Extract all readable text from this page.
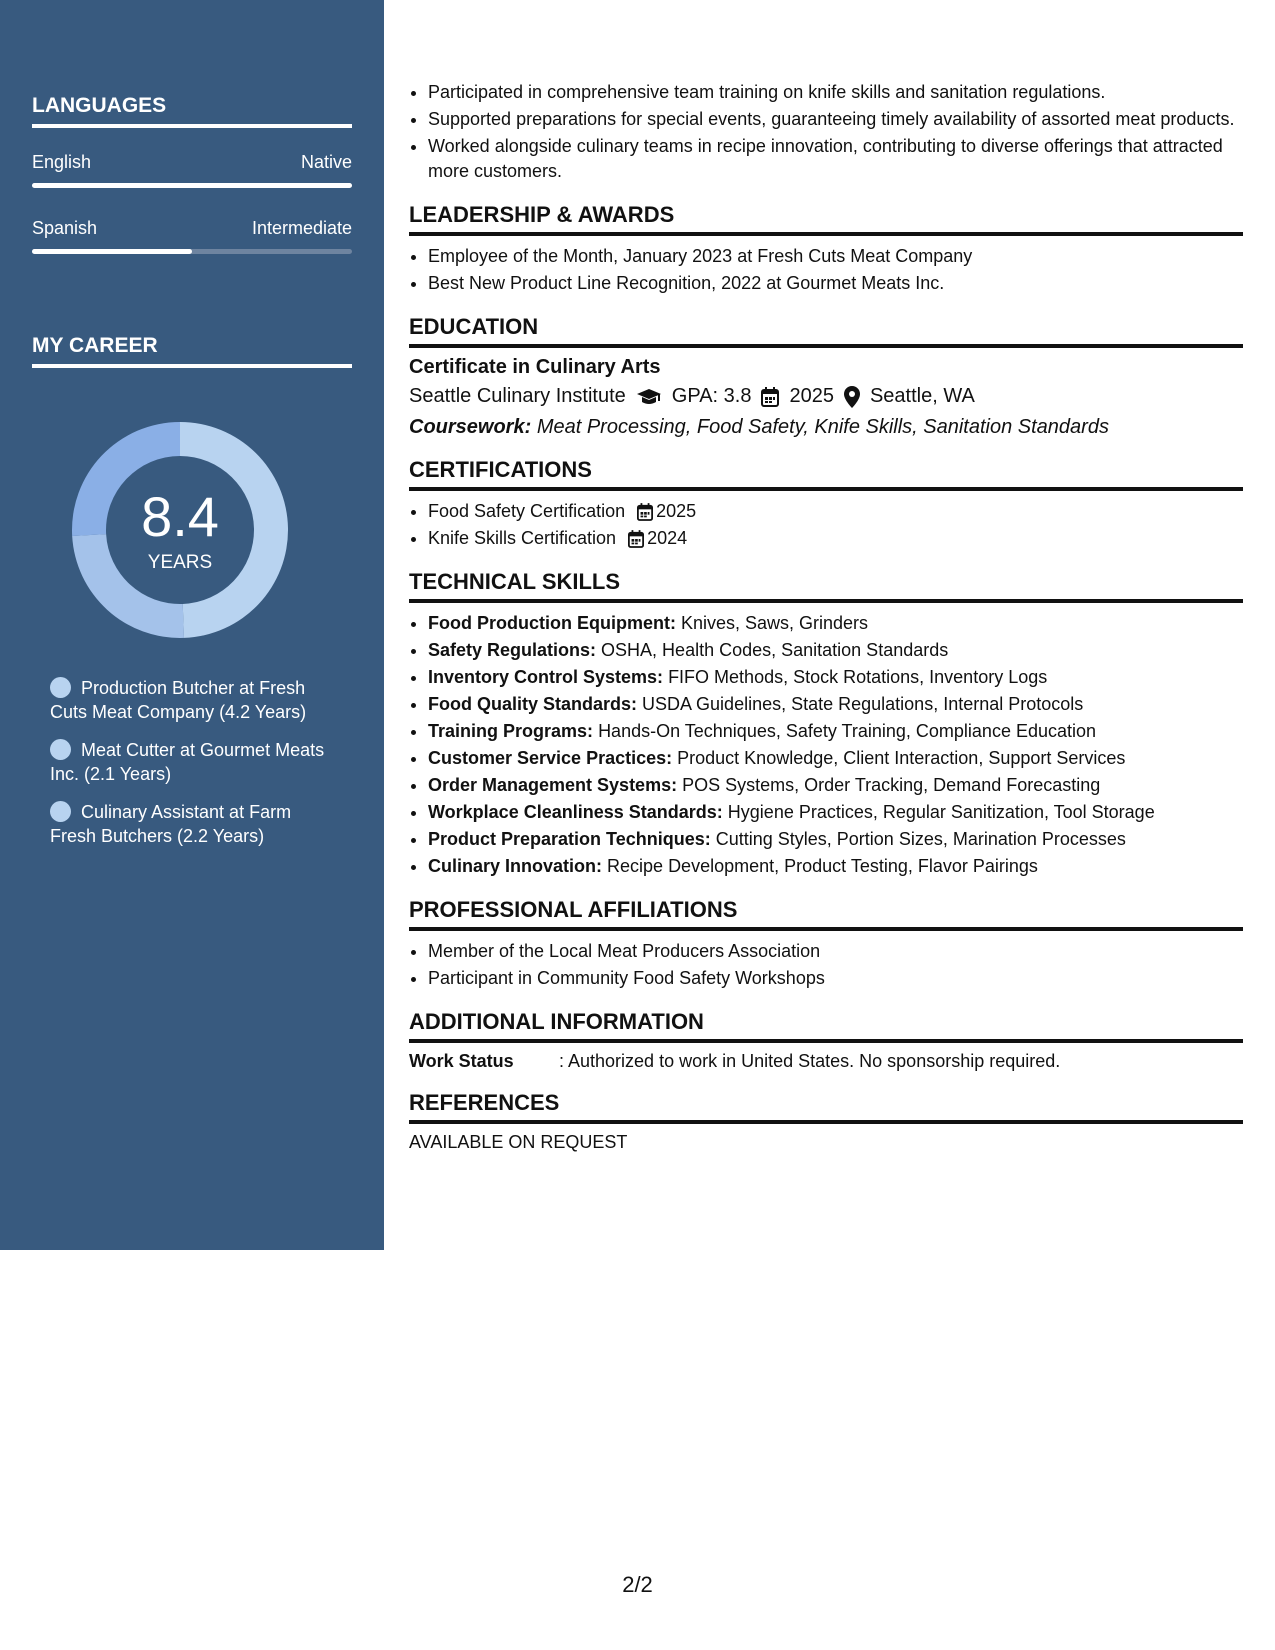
LANGUAGES
English	Native
Spanish	Intermediate
MY CAREER
8.4
YEARS
Production Butcher at Fresh Cuts Meat Company (4.2 Years)
Meat Cutter at Gourmet Meats Inc. (2.1 Years)
Culinary Assistant at Farm Fresh Butchers (2.2 Years)
• Participated in comprehensive team training on knife skills and sanitation regulations.
• Supported preparations for special events, guaranteeing timely availability of assorted meat products.
• Worked alongside culinary teams in recipe innovation, contributing to diverse offerings that attracted more customers.
LEADERSHIP & AWARDS
• Employee of the Month, January 2023 at Fresh Cuts Meat Company
• Best New Product Line Recognition, 2022 at Gourmet Meats Inc.
EDUCATION
Certificate in Culinary Arts
Seattle Culinary Institute GPA: 3.8 2025 Seattle, WA
Coursework: Meat Processing, Food Safety, Knife Skills, Sanitation Standards
CERTIFICATIONS
• Food Safety Certification 2025
• Knife Skills Certification 2024
TECHNICAL SKILLS
• Food Production Equipment: Knives, Saws, Grinders
• Safety Regulations: OSHA, Health Codes, Sanitation Standards
• Inventory Control Systems: FIFO Methods, Stock Rotations, Inventory Logs
• Food Quality Standards: USDA Guidelines, State Regulations, Internal Protocols
• Training Programs: Hands-On Techniques, Safety Training, Compliance Education
• Customer Service Practices: Product Knowledge, Client Interaction, Support Services
• Order Management Systems: POS Systems, Order Tracking, Demand Forecasting
• Workplace Cleanliness Standards: Hygiene Practices, Regular Sanitization, Tool Storage
• Product Preparation Techniques: Cutting Styles, Portion Sizes, Marination Processes
• Culinary Innovation: Recipe Development, Product Testing, Flavor Pairings
PROFESSIONAL AFFILIATIONS
• Member of the Local Meat Producers Association
• Participant in Community Food Safety Workshops
ADDITIONAL INFORMATION
Work Status	: Authorized to work in United States. No sponsorship required.
REFERENCES
AVAILABLE ON REQUEST
2/2
